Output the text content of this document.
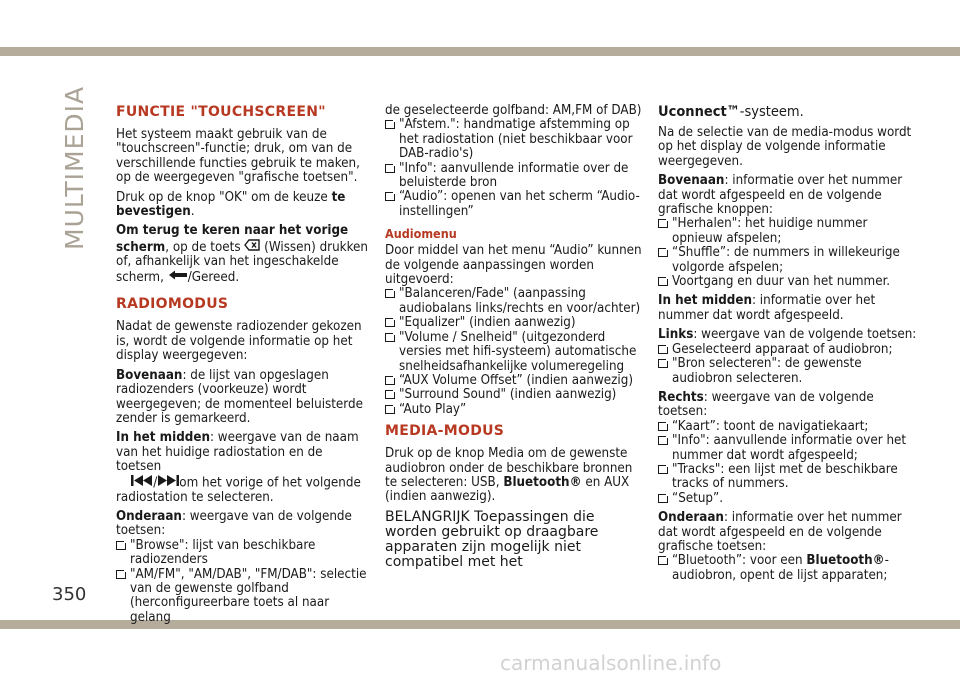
MULTIMEDIA FUNCTIE "TOUCHSCREEN"

Het systeem maakt gebruik van de "touchscreen"-functie; druk, om van de verschillende functies gebruik te maken, op de weergegeven "grafische toetsen".

Druk op de knop "OK" om de keuze te bevestigen.

Om terug te keren naar het vorige scherm, op de toets  (Wissen) drukken of, afhankelijk van het ingeschakelde scherm, /Gereed.

RADIOMODUS

Nadat de gewenste radiozender gekozen is, wordt de volgende informatie op het display weergegeven:

Bovenaan: de lijst van opgeslagen radiozenders (voorkeuze) wordt weergegeven; de momenteel beluisterde zender is gemarkeerd.

In het midden: weergave van de naam van het huidige radiostation en de toetsen
/ om het vorige of het volgende radiostation te selecteren.

Onderaan: weergave van de volgende toetsen:

"Browse": lijst van beschikbare radiozenders
"AM/FM", "AM/DAB", "FM/DAB": selectie van de gewenste golfband (herconfigureerbare toets al naar gelang
de geselecteerde golfband: AM,FM of DAB)
"Afstem.": handmatige afstemming op het radiostation (niet beschikbaar voor DAB-radio's)
"Info": aanvullende informatie over de beluisterde bron
“Audio”: openen van het scherm “Audio-instellingen”
Audiomenu

Door middel van het menu “Audio” kunnen de volgende aanpassingen worden uitgevoerd:

"Balanceren/Fade" (aanpassing audiobalans links/rechts en voor/achter)
"Equalizer" (indien aanwezig)
"Volume / Snelheid" (uitgezonderd versies met hifi-systeem) automatische snelheidsafhankelijke volumeregeling
“AUX Volume Offset” (indien aanwezig)
"Surround Sound" (indien aanwezig)
“Auto Play”
MEDIA-MODUS

Druk op de knop Media om de gewenste audiobron onder de beschikbare bronnen te selecteren: USB, Bluetooth® en AUX (indien aanwezig).

BELANGRIJK Toepassingen die worden gebruikt op draagbare apparaten zijn mogelijk niet compatibel met het

Uconnect™-systeem.

Na de selectie van de media-modus wordt op het display de volgende informatie weergegeven.

Bovenaan: informatie over het nummer dat wordt afgespeeld en de volgende grafische knoppen:

"Herhalen": het huidige nummer opnieuw afspelen;
“Shuffle”: de nummers in willekeurige volgorde afspelen;
Voortgang en duur van het nummer.

In het midden: informatie over het nummer dat wordt afgespeeld.

Links: weergave van de volgende toetsen:

Geselecteerd apparaat of audiobron;
"Bron selecteren": de gewenste audiobron selecteren.

Rechts: weergave van de volgende toetsen:

“Kaart”: toont de navigatiekaart;
"Info": aanvullende informatie over het nummer dat wordt afgespeeld;
"Tracks": een lijst met de beschikbare tracks of nummers.
“Setup”.

Onderaan: informatie over het nummer dat wordt afgespeeld en de volgende grafische toetsen:

“Bluetooth”: voor een Bluetooth®-audiobron, opent de lijst apparaten;
350
carmanualsonline.info
